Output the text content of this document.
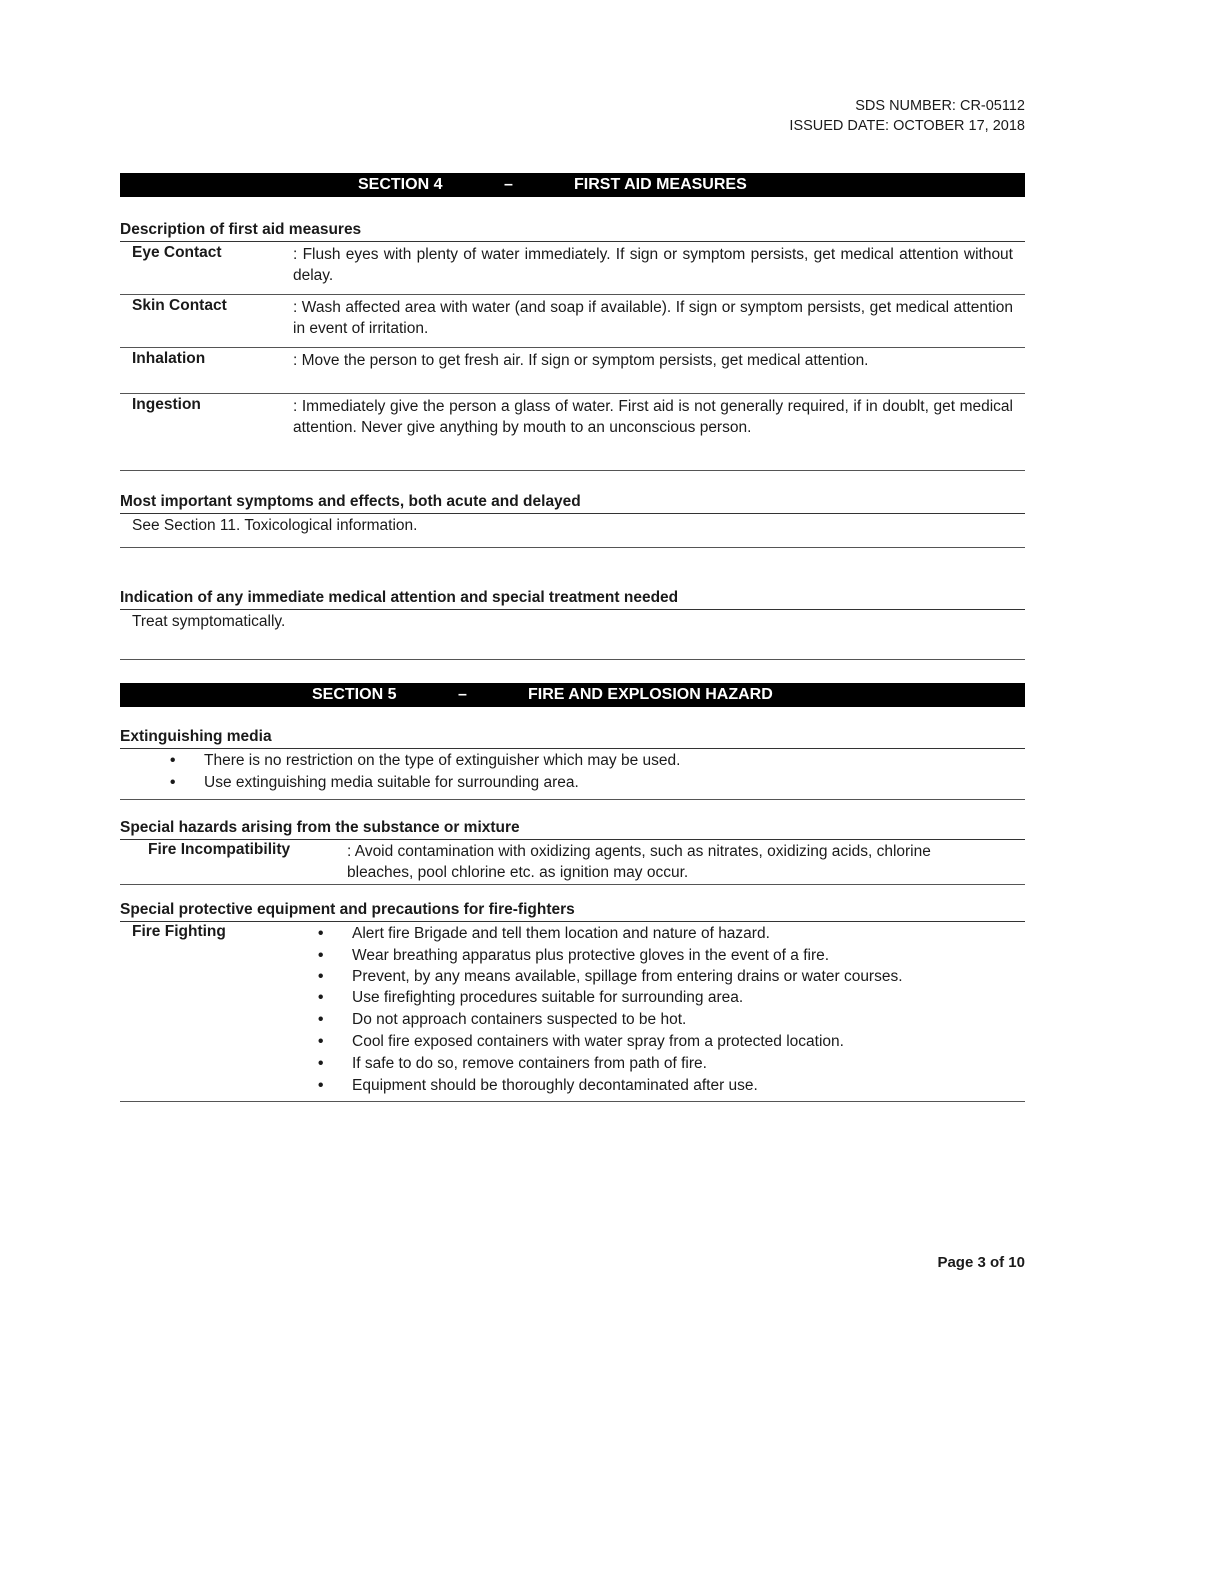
SDS NUMBER: CR-05112
ISSUED DATE: OCTOBER 17, 2018
SECTION 4	–	FIRST AID MEASURES
Description of first aid measures
Eye Contact	: Flush eyes with plenty of water immediately. If sign or symptom persists, get medical attention without delay.
Skin Contact	: Wash affected area with water (and soap if available). If sign or symptom persists, get medical attention in event of irritation.
Inhalation	: Move the person to get fresh air. If sign or symptom persists, get medical attention.
Ingestion	: Immediately give the person a glass of water. First aid is not generally required, if in doublt, get medical attention. Never give anything by mouth to an unconscious person.
Most important symptoms and effects, both acute and delayed
See Section 11. Toxicological information.
Indication of any immediate medical attention and special treatment needed
Treat symptomatically.
SECTION 5	–	FIRE AND EXPLOSION HAZARD
Extinguishing media
• There is no restriction on the type of extinguisher which may be used.
• Use extinguishing media suitable for surrounding area.
Special hazards arising from the substance or mixture
Fire Incompatibility	: Avoid contamination with oxidizing agents, such as nitrates, oxidizing acids, chlorine bleaches, pool chlorine etc. as ignition may occur.
Special protective equipment and precautions for fire-fighters
Fire Fighting	• Alert fire Brigade and tell them location and nature of hazard.
• Wear breathing apparatus plus protective gloves in the event of a fire.
• Prevent, by any means available, spillage from entering drains or water courses.
• Use firefighting procedures suitable for surrounding area.
• Do not approach containers suspected to be hot.
• Cool fire exposed containers with water spray from a protected location.
• If safe to do so, remove containers from path of fire.
• Equipment should be thoroughly decontaminated after use.
Page 3 of 10
